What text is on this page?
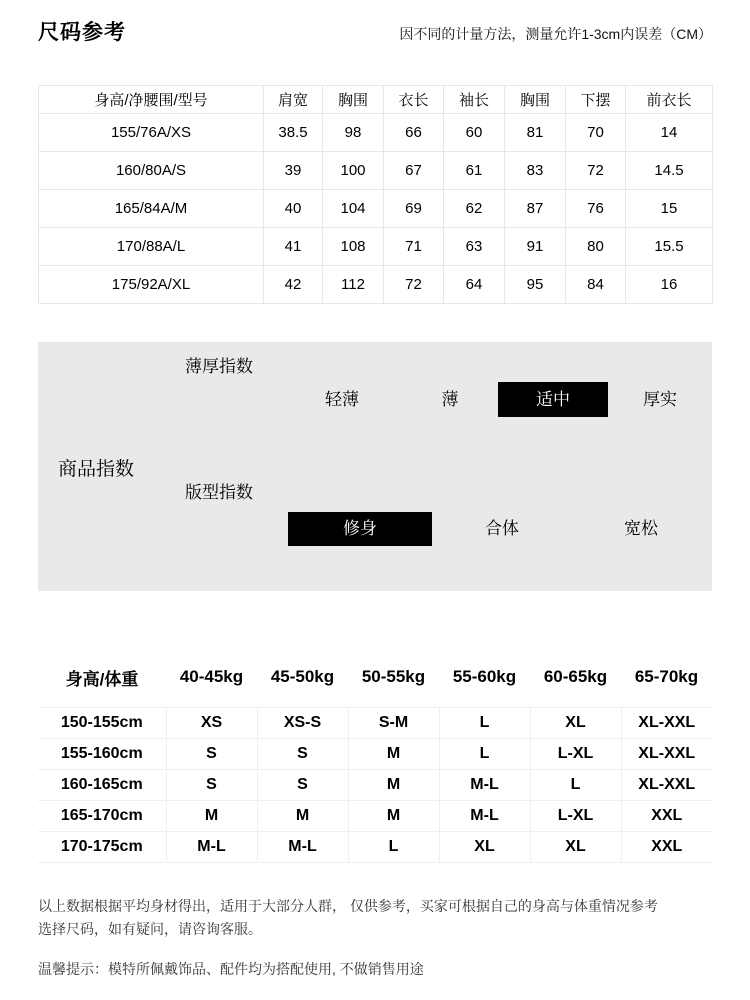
尺码参考	因不同的计量方法，测量允许1-3cm内误差（CM）
身高/净腰围/型号	肩宽	胸围	衣长	袖长	胸围	下摆	前衣长
155/76A/XS	38.5	98	66	60	81	70	14
160/80A/S	39	100	67	61	83	72	14.5
165/84A/M	40	104	69	62	87	76	15
170/88A/L	41	108	71	63	91	80	15.5
175/92A/XL	42	112	72	64	95	84	16
商品指数
薄厚指数
轻薄	薄	适中	厚实
版型指数
修身	合体	宽松
身高/体重	40-45kg	45-50kg	50-55kg	55-60kg	60-65kg	65-70kg
150-155cm	XS	XS-S	S-M	L	XL	XL-XXL
155-160cm	S	S	M	L	L-XL	XL-XXL
160-165cm	S	S	M	M-L	L	XL-XXL
165-170cm	M	M	M	M-L	L-XL	XXL
170-175cm	M-L	M-L	L	XL	XL	XXL
以上数据根据平均身材得出，适用于大部分人群， 仅供参考，买家可根据自己的身高与体重情况参考
选择尺码，如有疑问，请咨询客服。
温馨提示：模特所佩戴饰品、配件均为搭配使用, 不做销售用途
